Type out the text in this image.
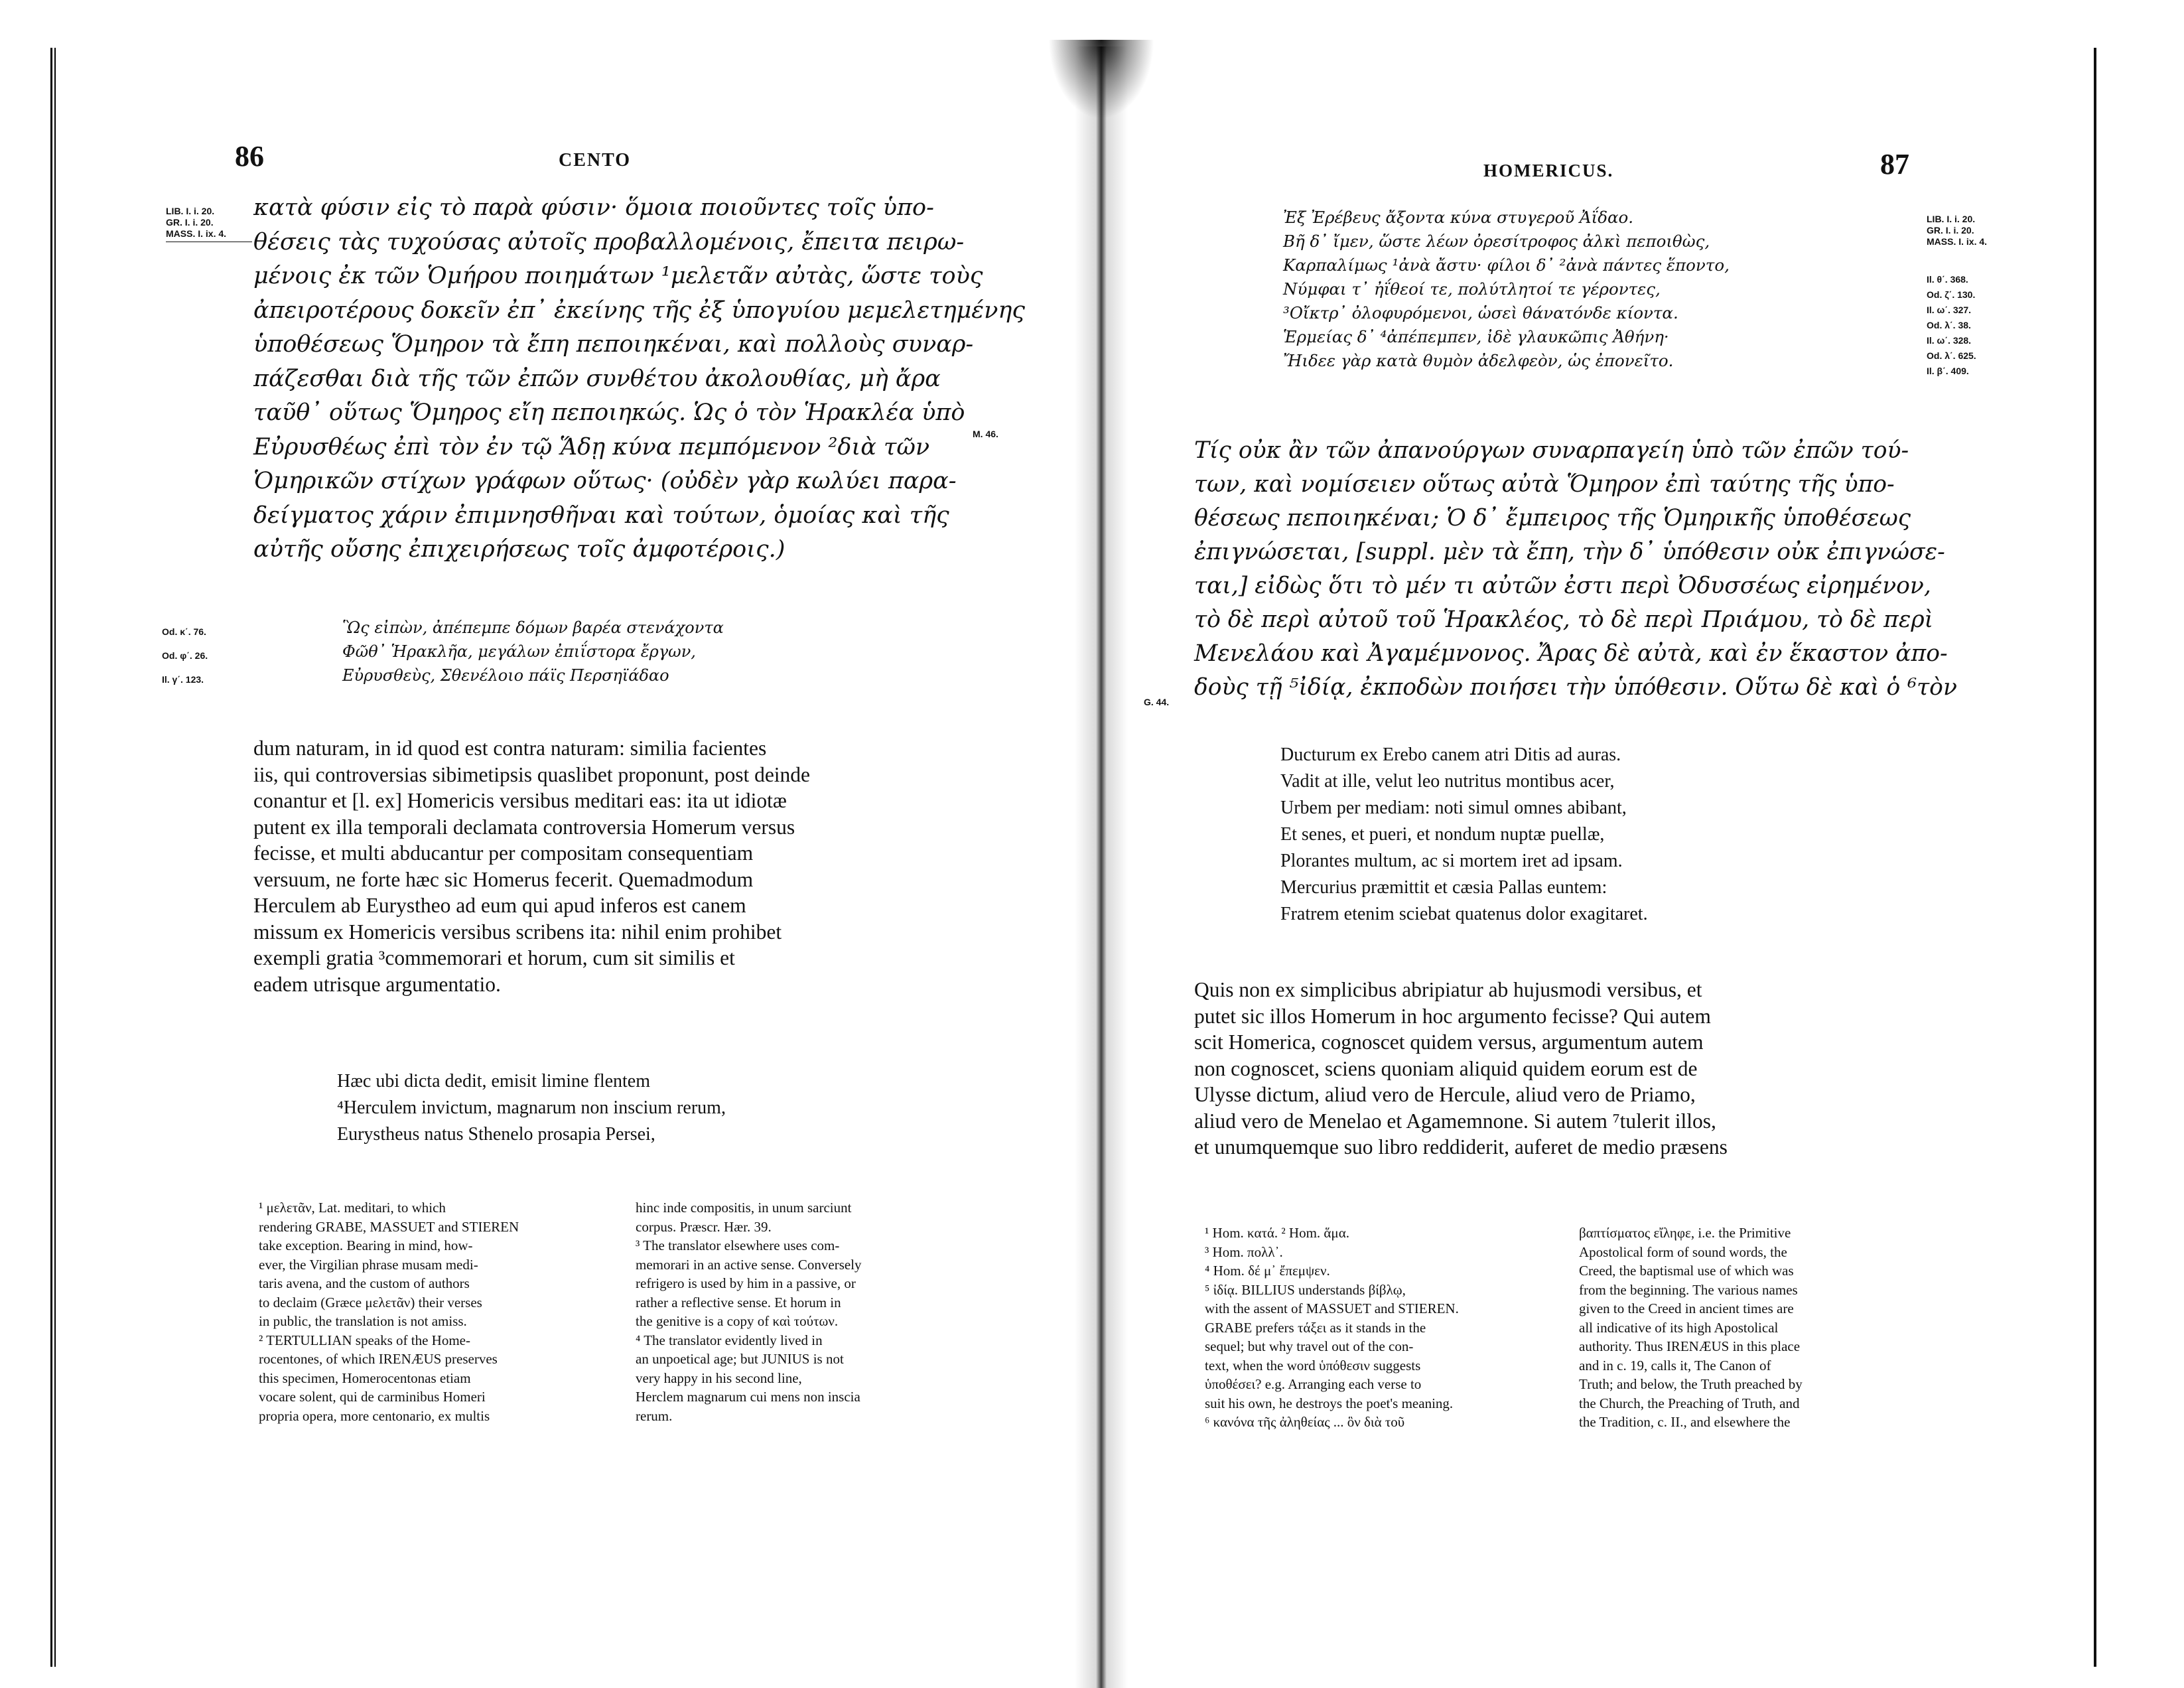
86	CENTO
LIB. I. i. 20.
GR. I. i. 20.
MASS. I. ix. 4.
κατὰ φύσιν εἰς τὸ παρὰ φύσιν· ὅμοια ποιοῦντες τοῖς ὑπο-
θέσεις τὰς τυχούσας αὐτοῖς προβαλλομένοις, ἔπειτα πειρω-
μένοις ἐκ τῶν Ὁμήρου ποιημάτων ¹μελετᾶν αὐτὰς, ὥστε τοὺς
ἀπειροτέρους δοκεῖν ἐπ᾽ ἐκείνης τῆς ἐξ ὑπογυίου μεμελετημένης
ὑποθέσεως Ὅμηρον τὰ ἔπη πεποιηκέναι, καὶ πολλοὺς συναρ-
πάζεσθαι διὰ τῆς τῶν ἐπῶν συνθέτου ἀκολουθίας, μὴ ἄρα
ταῦθ᾽ οὕτως Ὅμηρος εἴη πεποιηκώς. Ὡς ὁ τὸν Ἡρακλέα ὑπὸ
Εὐρυσθέως ἐπὶ τὸν ἐν τῷ Ἅδῃ κύνα πεμπόμενον ²διὰ τῶν
Ὁμηρικῶν στίχων γράφων οὕτως· (οὐδὲν γὰρ κωλύει παρα-
δείγματος χάριν ἐπιμνησθῆναι καὶ τούτων, ὁμοίας καὶ τῆς
αὐτῆς οὔσης ἐπιχειρήσεως τοῖς ἀμφοτέροις.)
M. 46.
Od. κ΄. 76.
Od. φ΄. 26.
Il. γ΄. 123.
Ὣς εἰπὼν, ἀπέπεμπε δόμων βαρέα στενάχοντα
Φῶθ᾽ Ἡρακλῆα, μεγάλων ἐπιΐστορα ἔργων,
Εὐρυσθεὺς, Σθενέλοιο πάϊς Περσηϊάδαο
dum naturam, in id quod est contra naturam: similia facientes
iis, qui controversias sibimetipsis quaslibet proponunt, post deinde
conantur et [l. ex] Homericis versibus meditari eas: ita ut idiotæ
putent ex illa temporali declamata controversia Homerum versus
fecisse, et multi abducantur per compositam consequentiam
versuum, ne forte hæc sic Homerus fecerit. Quemadmodum
Herculem ab Eurystheo ad eum qui apud inferos est canem
missum ex Homericis versibus scribens ita: nihil enim prohibet
exempli gratia ³commemorari et horum, cum sit similis et
eadem utrisque argumentatio.
Hæc ubi dicta dedit, emisit limine flentem
⁴Herculem invictum, magnarum non inscium rerum,
Eurystheus natus Sthenelo prosapia Persei,
¹ μελετᾶν, Lat. meditari, to which
rendering GRABE, MASSUET and STIEREN
take exception. Bearing in mind, how-
ever, the Virgilian phrase musam medi-
taris avena, and the custom of authors
to declaim (Græce μελετᾶν) their verses
in public, the translation is not amiss.
² TERTULLIAN speaks of the Home-
rocentones, of which IRENÆUS preserves
this specimen, Homerocentonas etiam
vocare solent, qui de carminibus Homeri
propria opera, more centonario, ex multis
hinc inde compositis, in unum sarciunt
corpus. Præscr. Hær. 39.
³ The translator elsewhere uses com-
memorari in an active sense. Conversely
refrigero is used by him in a passive, or
rather a reflective sense. Et horum in
the genitive is a copy of καὶ τούτων.
⁴ The translator evidently lived in
an unpoetical age; but JUNIUS is not
very happy in his second line,
Herclem magnarum cui mens non inscia
rerum.
HOMERICUS.	87
LIB. I. i. 20.
GR. I. i. 20.
MASS. I. ix. 4.
Il. θ΄. 368.
Od. ζ΄. 130.
Il. ω΄. 327.
Od. λ΄. 38.
Il. ω΄. 328.
Od. λ΄. 625.
Il. β΄. 409.
Ἐξ Ἐρέβευς ἄξοντα κύνα στυγεροῦ Ἀΐδαο.
Βῆ δ᾽ ἴμεν, ὥστε λέων ὀρεσίτροφος ἀλκὶ πεποιθὼς,
Καρπαλίμως ¹ἀνὰ ἄστυ· φίλοι δ᾽ ²ἀνὰ πάντες ἕποντο,
Νύμφαι τ᾽ ἠΐθεοί τε, πολύτλητοί τε γέροντες,
³Οἴκτρ᾽ ὀλοφυρόμενοι, ὡσεὶ θάνατόνδε κίοντα.
Ἑρμείας δ᾽ ⁴ἀπέπεμπεν, ἰδὲ γλαυκῶπις Ἀθήνη·
Ἤιδεε γὰρ κατὰ θυμὸν ἀδελφεὸν, ὡς ἐπονεῖτο.
Τίς οὐκ ἂν τῶν ἀπανούργων συναρπαγείη ὑπὸ τῶν ἐπῶν τού-
των, καὶ νομίσειεν οὕτως αὐτὰ Ὅμηρον ἐπὶ ταύτης τῆς ὑπο-
θέσεως πεποιηκέναι; Ὁ δ᾽ ἔμπειρος τῆς Ὁμηρικῆς ὑποθέσεως
ἐπιγνώσεται, [suppl. μὲν τὰ ἔπη, τὴν δ᾽ ὑπόθεσιν οὐκ ἐπιγνώσε-
ται,] εἰδὼς ὅτι τὸ μέν τι αὐτῶν ἐστι περὶ Ὀδυσσέως εἰρημένον,
τὸ δὲ περὶ αὐτοῦ τοῦ Ἡρακλέος, τὸ δὲ περὶ Πριάμου, τὸ δὲ περὶ
Μενελάου καὶ Ἀγαμέμνονος. Ἄρας δὲ αὐτὰ, καὶ ἐν ἕκαστον ἀπο-
δοὺς τῇ ⁵ἰδίᾳ, ἐκποδὼν ποιήσει τὴν ὑπόθεσιν. Οὕτω δὲ καὶ ὁ ⁶τὸν
G. 44.
Ducturum ex Erebo canem atri Ditis ad auras.
Vadit at ille, velut leo nutritus montibus acer,
Urbem per mediam: noti simul omnes abibant,
Et senes, et pueri, et nondum nuptæ puellæ,
Plorantes multum, ac si mortem iret ad ipsam.
Mercurius præmittit et cæsia Pallas euntem:
Fratrem etenim sciebat quatenus dolor exagitaret.
Quis non ex simplicibus abripiatur ab hujusmodi versibus, et
putet sic illos Homerum in hoc argumento fecisse? Qui autem
scit Homerica, cognoscet quidem versus, argumentum autem
non cognoscet, sciens quoniam aliquid quidem eorum est de
Ulysse dictum, aliud vero de Hercule, aliud vero de Priamo,
aliud vero de Menelao et Agamemnone. Si autem ⁷tulerit illos,
et unumquemque suo libro reddiderit, auferet de medio præsens
¹ Hom. κατά. ² Hom. ἅμα.
³ Hom. πολλ᾽.
⁴ Hom. δέ μ᾽ ἔπεμψεν.
⁵ ἰδίᾳ. BILLIUS understands βίβλῳ,
with the assent of MASSUET and STIEREN.
GRABE prefers τάξει as it stands in the
sequel; but why travel out of the con-
text, when the word ὑπόθεσιν suggests
ὑποθέσει? e.g. Arranging each verse to
suit his own, he destroys the poet's meaning.
⁶ κανόνα τῆς ἀληθείας ... ὃν διὰ τοῦ
βαπτίσματος εἴληφε, i.e. the Primitive
Apostolical form of sound words, the
Creed, the baptismal use of which was
from the beginning. The various names
given to the Creed in ancient times are
all indicative of its high Apostolical
authority. Thus IRENÆUS in this place
and in c. 19, calls it, The Canon of
Truth; and below, the Truth preached by
the Church, the Preaching of Truth, and
the Tradition, c. II., and elsewhere the
